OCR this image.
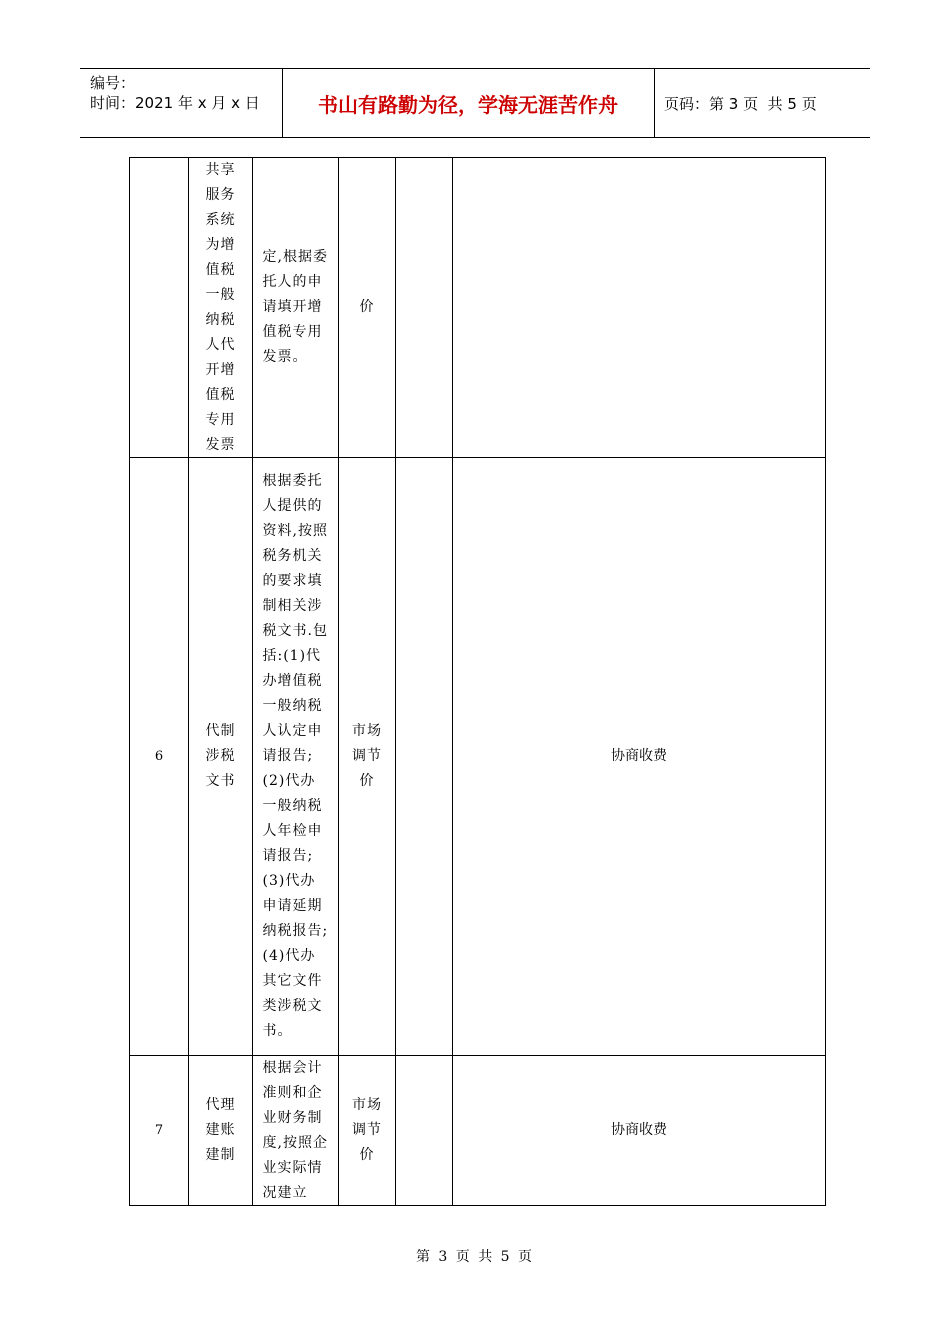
编号：
时间：2021 年 x 月 x 日	书山有路勤为径，学海无涯苦作舟	页码：第 3 页  共 5 页
共享服务系统为增值税一般纳税人代开增值税专用发票
定,根据委托人的申请填开增值税专用发票。
价
6
代制涉税文书
根据委托人提供的资料,按照税务机关的要求填制相关涉税文书.包括:(1)代办增值税一般纳税人认定申请报告;(2)代办一般纳税人年检申请报告;(3)代办申请延期纳税报告; (4)代办其它文件类涉税文书。
市场调节价
协商收费
7
代理建账建制
根据会计准则和企业财务制度,按照企业实际情况建立
市场调节价
协商收费
第 3 页 共 5 页
